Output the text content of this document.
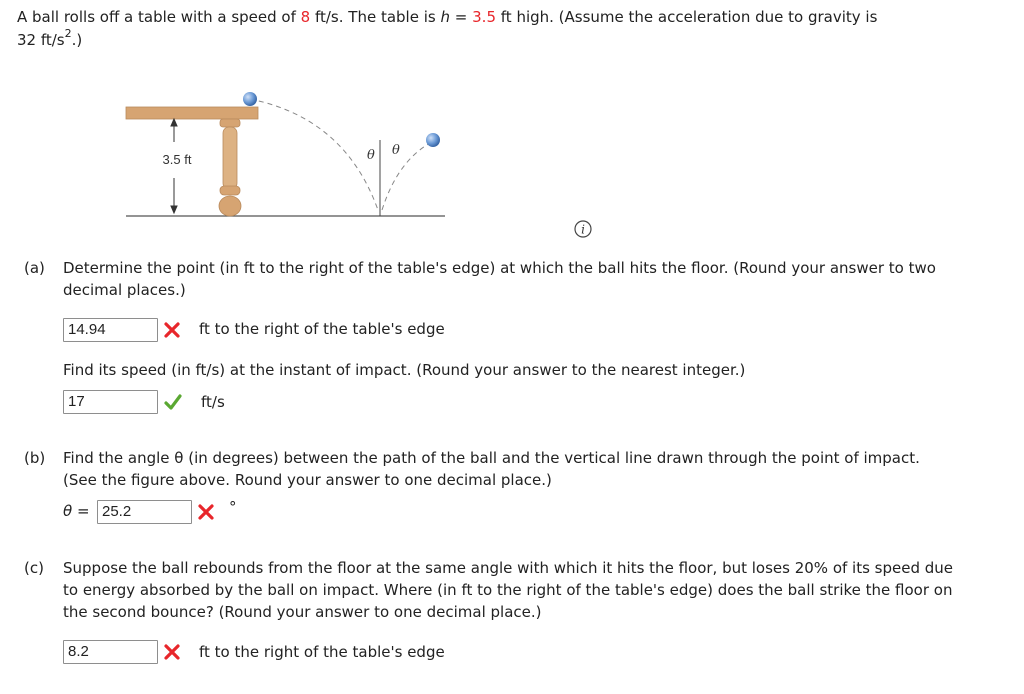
A ball rolls off a table with a speed of 8 ft/s. The table is h = 3.5 ft high. (Assume the acceleration due to gravity is
32 $ft/s^2$.)
3.5 ft	θ θ
i
(a) Determine the point (in ft to the right of the table's edge) at which the ball hits the floor. (Round your answer to two
decimal places.)
14.94	ft to the right of the table's edge
Find its speed (in ft/s) at the instant of impact. (Round your answer to the nearest integer.)
17	ft/s
(b) Find the angle θ (in degrees) between the path of the ball and the vertical line drawn through the point of impact.
(See the figure above. Round your answer to one decimal place.)
θ = 25.2	°
(c) Suppose the ball rebounds from the floor at the same angle with which it hits the floor, but loses 20% of its speed due
to energy absorbed by the ball on impact. Where (in ft to the right of the table's edge) does the ball strike the floor on
the second bounce? (Round your answer to one decimal place.)
8.2	ft to the right of the table's edge
